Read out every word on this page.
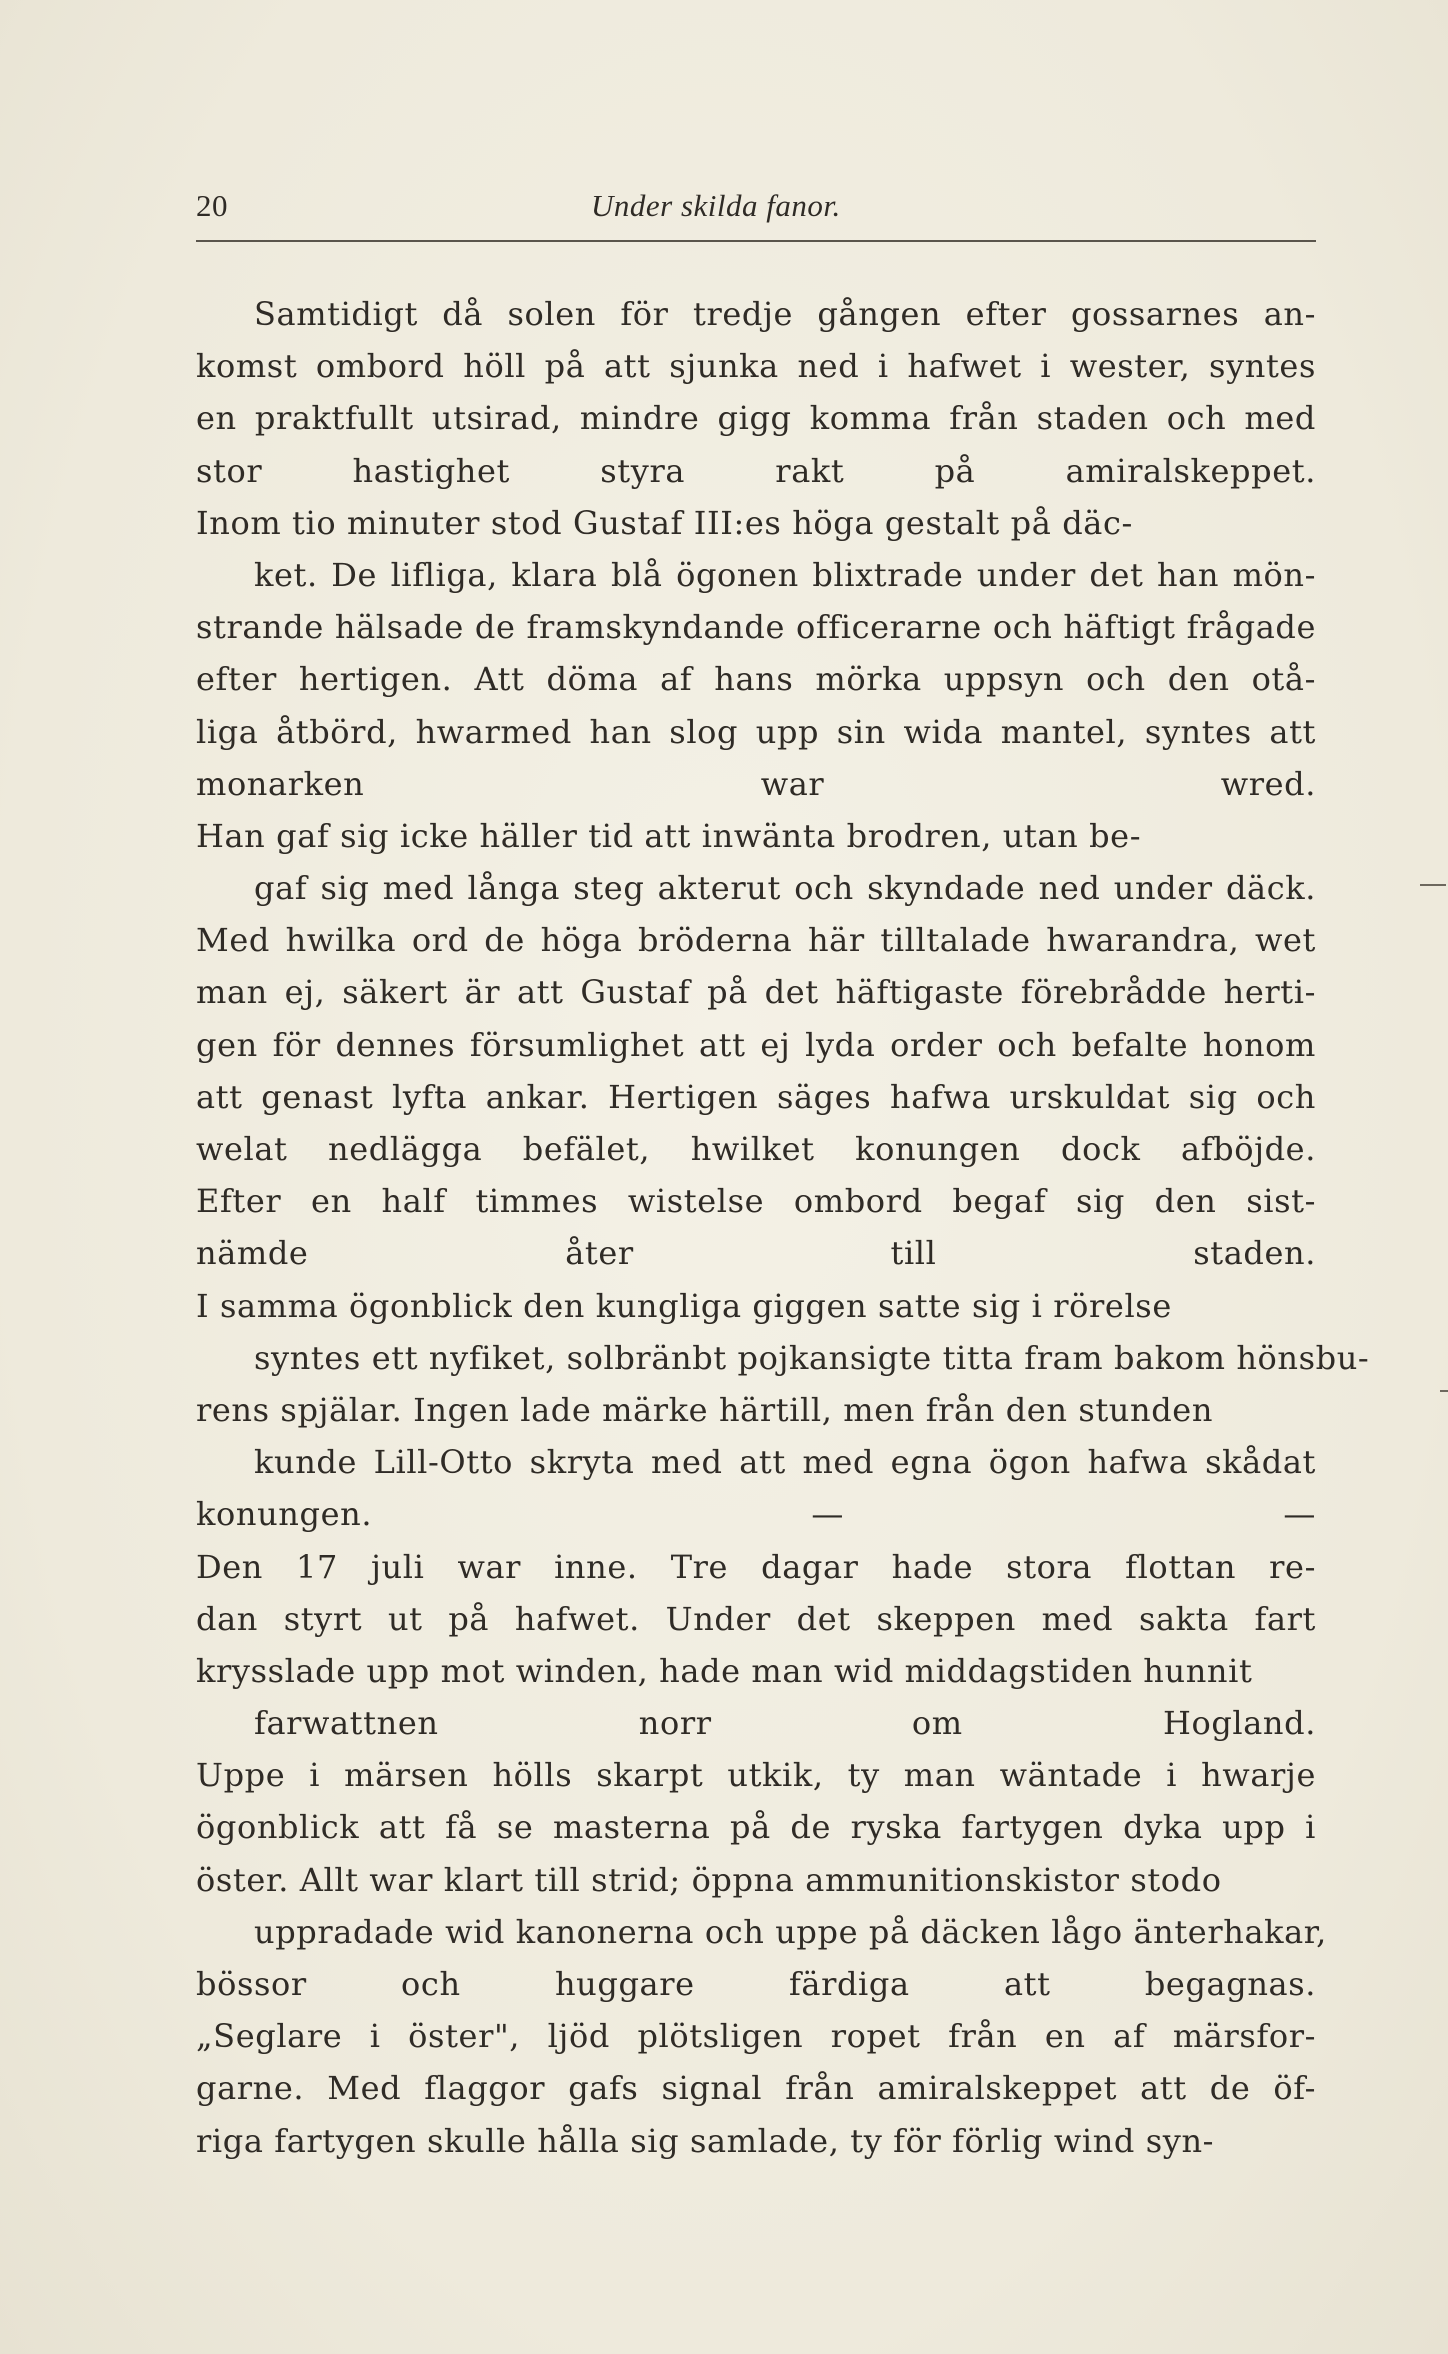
20	Under skilda fanor.
Samtidigt då solen för tredje gången efter gossarnes an-
komst ombord höll på att sjunka ned i hafwet i wester, syntes
en praktfullt utsirad, mindre gigg komma från staden och med
stor hastighet styra rakt på amiralskeppet.
Inom tio minuter stod Gustaf III:es höga gestalt på däc-
ket. De lifliga, klara blå ögonen blixtrade under det han mön-
strande hälsade de framskyndande officerarne och häftigt frågade
efter hertigen. Att döma af hans mörka uppsyn och den otå-
liga åtbörd, hwarmed han slog upp sin wida mantel, syntes att
monarken war wred.
Han gaf sig icke häller tid att inwänta brodren, utan be-
gaf sig med långa steg akterut och skyndade ned under däck.
Med hwilka ord de höga bröderna här tilltalade hwarandra, wet
man ej, säkert är att Gustaf på det häftigaste förebrådde herti-
gen för dennes försumlighet att ej lyda order och befalte honom
att genast lyfta ankar. Hertigen säges hafwa urskuldat sig och
welat nedlägga befälet, hwilket konungen dock afböjde.
Efter en half timmes wistelse ombord begaf sig den sist-
nämde åter till staden.
I samma ögonblick den kungliga giggen satte sig i rörelse
syntes ett nyfiket, solbränbt pojkansigte titta fram bakom hönsbu-
rens spjälar. Ingen lade märke härtill, men från den stunden
kunde Lill-Otto skryta med att med egna ögon hafwa skådat
konungen. — —
Den 17 juli war inne. Tre dagar hade stora flottan re-
dan styrt ut på hafwet. Under det skeppen med sakta fart
krysslade upp mot winden, hade man wid middagstiden hunnit
farwattnen norr om Hogland.
Uppe i märsen hölls skarpt utkik, ty man wäntade i hwarje
ögonblick att få se masterna på de ryska fartygen dyka upp i
öster. Allt war klart till strid; öppna ammunitionskistor stodo
uppradade wid kanonerna och uppe på däcken lågo änterhakar,
bössor och huggare färdiga att begagnas.
„Seglare i öster", ljöd plötsligen ropet från en af märsfor-
garne. Med flaggor gafs signal från amiralskeppet att de öf-
riga fartygen skulle hålla sig samlade, ty för förlig wind syn-
